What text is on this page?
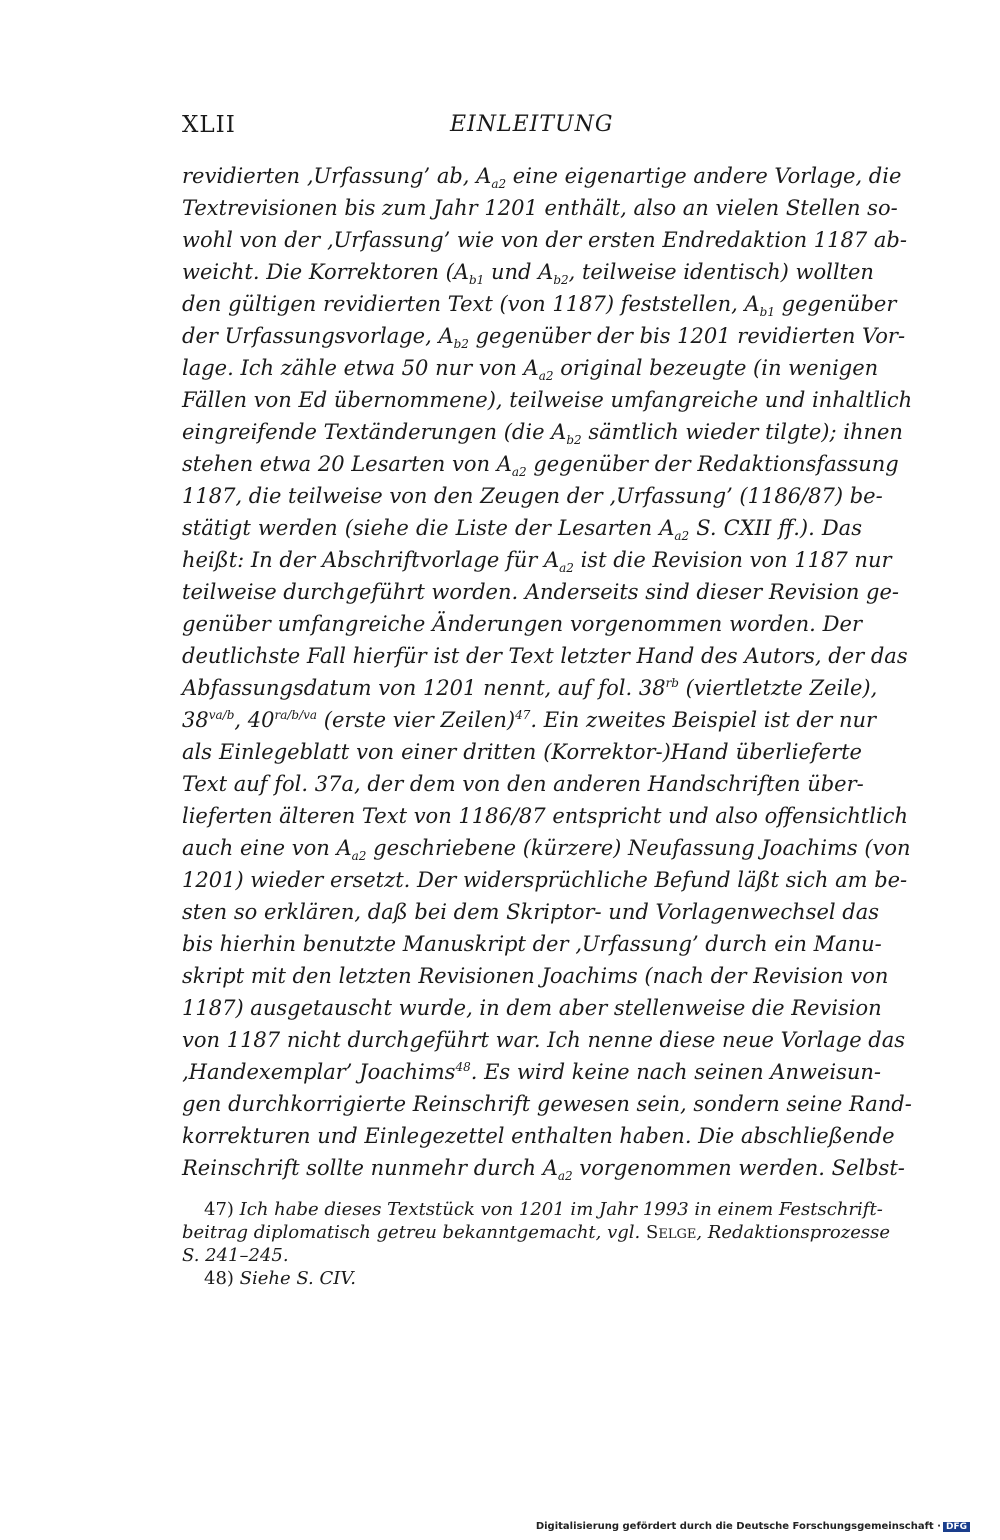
XLII	EINLEITUNG
revidierten ‚Urfassung’ ab, $A_{a2}$ eine eigenartige andere Vorlage, die
Textrevisionen bis zum Jahr 1201 enthält, also an vielen Stellen so-
wohl von der ‚Urfassung’ wie von der ersten Endredaktion 1187 ab-
weicht. Die Korrektoren ($A_{b1}$ und $A_{b2}$, teilweise identisch) wollten
den gültigen revidierten Text (von 1187) feststellen, $A_{b1}$ gegenüber
der Urfassungsvorlage, $A_{b2}$ gegenüber der bis 1201 revidierten Vor-
lage. Ich zähle etwa 50 nur von $A_{a2}$ original bezeugte (in wenigen
Fällen von Ed übernommene), teilweise umfangreiche und inhaltlich
eingreifende Textänderungen (die $A_{b2}$ sämtlich wieder tilgte); ihnen
stehen etwa 20 Lesarten von $A_{a2}$ gegenüber der Redaktionsfassung
1187, die teilweise von den Zeugen der ‚Urfassung’ (1186/87) be-
stätigt werden (siehe die Liste der Lesarten $A_{a2}$ S. CXII ff.). Das
heißt: In der Abschriftvorlage für $A_{a2}$ ist die Revision von 1187 nur
teilweise durchgeführt worden. Anderseits sind dieser Revision ge-
genüber umfangreiche Änderungen vorgenommen worden. Der
deutlichste Fall hierfür ist der Text letzter Hand des Autors, der das
Abfassungsdatum von 1201 nennt, auf fol. $38^{rb}$ (viertletzte Zeile),
$38^{va/b}$, $40^{ra/b/va}$ (erste vier Zeilen)$^{47}$. Ein zweites Beispiel ist der nur
als Einlegeblatt von einer dritten (Korrektor-)Hand überlieferte
Text auf fol. 37a, der dem von den anderen Handschriften über-
lieferten älteren Text von 1186/87 entspricht und also offensichtlich
auch eine von $A_{a2}$ geschriebene (kürzere) Neufassung Joachims (von
1201) wieder ersetzt. Der widersprüchliche Befund läßt sich am be-
sten so erklären, daß bei dem Skriptor- und Vorlagenwechsel das
bis hierhin benutzte Manuskript der ‚Urfassung’ durch ein Manu-
skript mit den letzten Revisionen Joachims (nach der Revision von
1187) ausgetauscht wurde, in dem aber stellenweise die Revision
von 1187 nicht durchgeführt war. Ich nenne diese neue Vorlage das
‚Handexemplar’ Joachims$^{48}$. Es wird keine nach seinen Anweisun-
gen durchkorrigierte Reinschrift gewesen sein, sondern seine Rand-
korrekturen und Einlegezettel enthalten haben. Die abschließende
Reinschrift sollte nunmehr durch $A_{a2}$ vorgenommen werden. Selbst-
47) Ich habe dieses Textstück von 1201 im Jahr 1993 in einem Festschrift-
beitrag diplomatisch getreu bekanntgemacht, vgl. Selge, Redaktionsprozesse
S. 241–245.
48) Siehe S. CIV.
Digitalisierung gefördert durch die Deutsche Forschungsgemeinschaft · DFG
